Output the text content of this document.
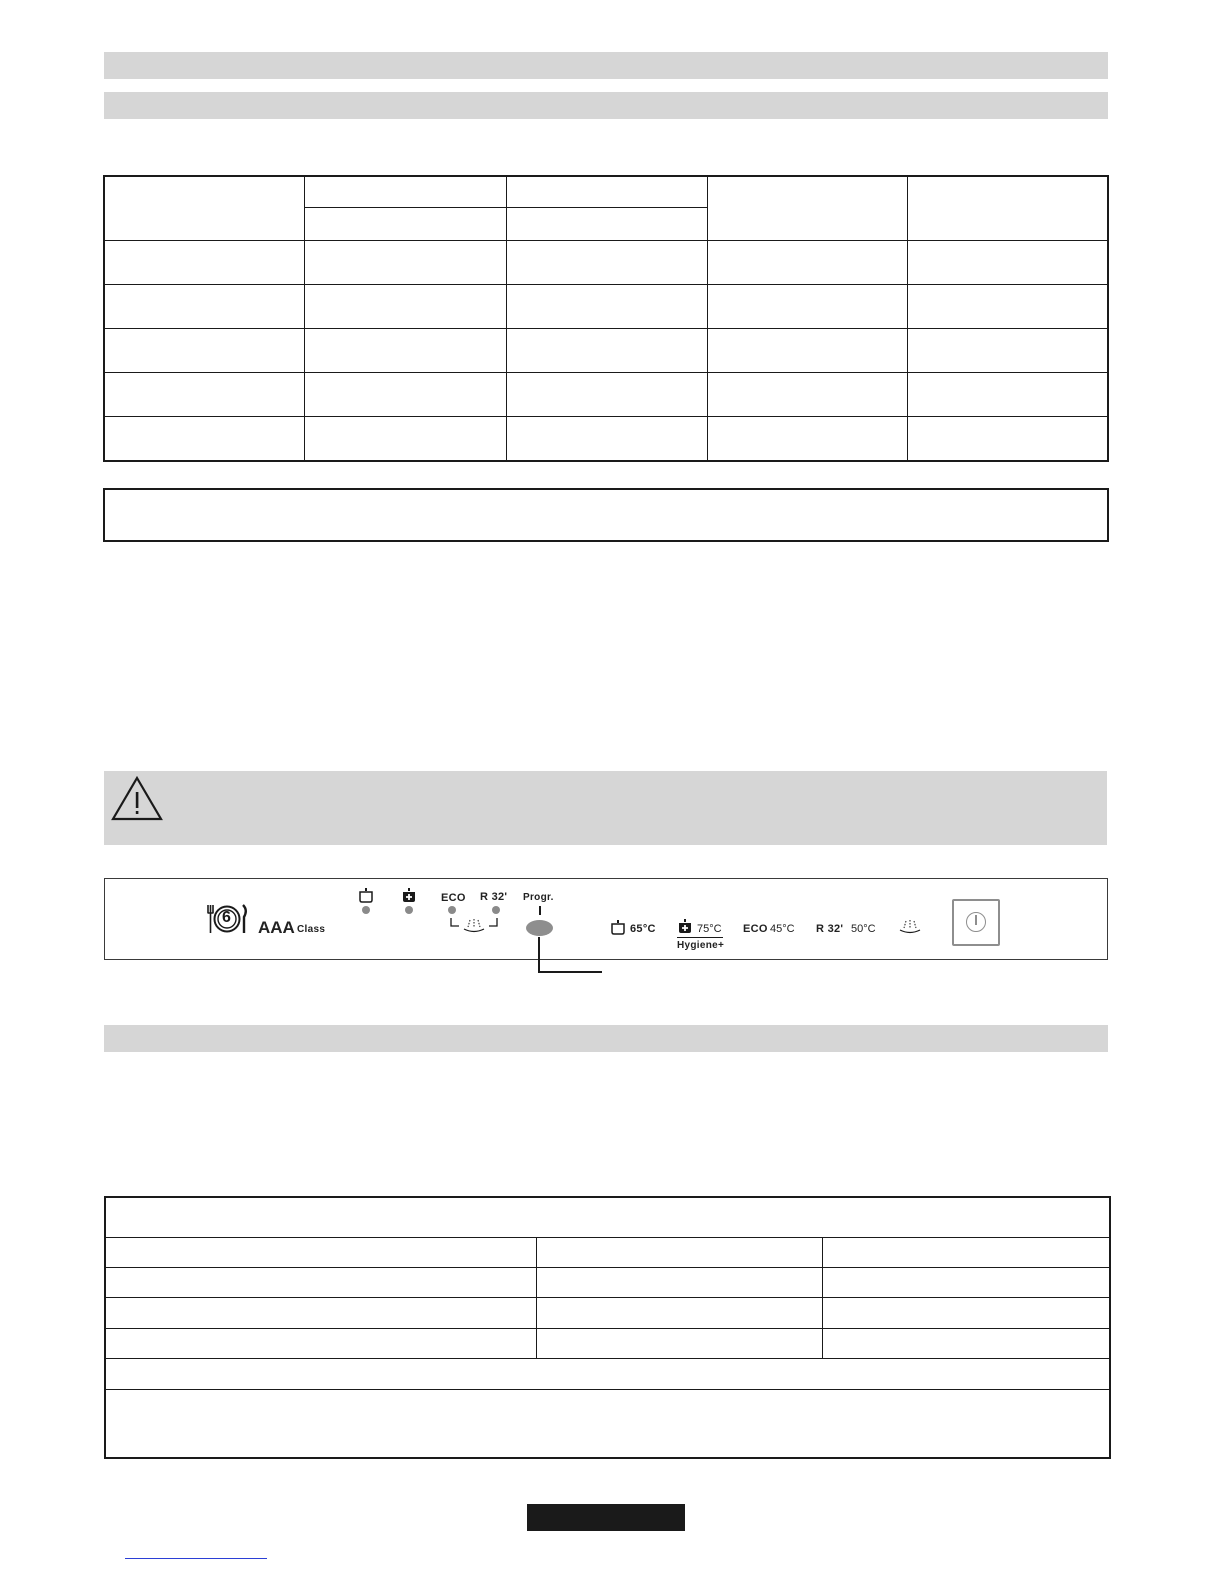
6
AAA Class
ECO R 32' Progr.
65°C	75°C
Hygiene+
ECO 45°C R 32' 50°C
